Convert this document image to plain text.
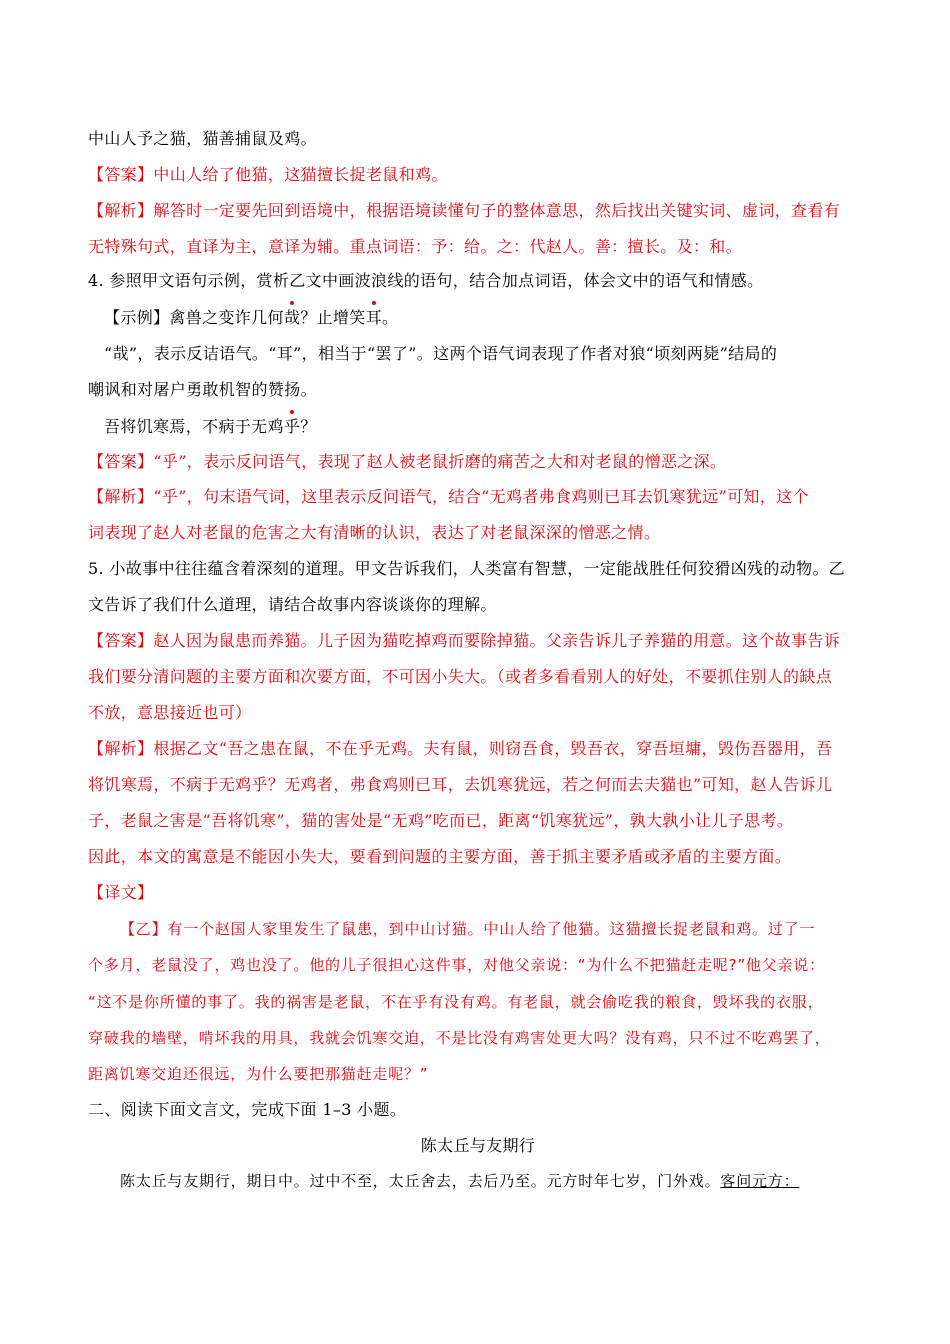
中山人予之猫，猫善捕鼠及鸡。
【答案】中山人给了他猫，这猫擅长捉老鼠和鸡。
【解析】解答时一定要先回到语境中，根据语境读懂句子的整体意思，然后找出关键实词、虚词，查看有
无特殊句式，直译为主，意译为辅。重点词语：予：给。之：代赵人。善：擅长。及：和。
4. 参照甲文语句示例，赏析乙文中画波浪线的语句，结合加点词语，体会文中的语气和情感。
【示例】禽兽之变诈几何哉？止增笑耳。
“哉”，表示反诘语气。“耳”，相当于“罢了”。这两个语气词表现了作者对狼“顷刻两毙”结局的
嘲讽和对屠户勇敢机智的赞扬。
吾将饥寒焉，不病于无鸡乎？
【答案】“乎”，表示反问语气，表现了赵人被老鼠折磨的痛苦之大和对老鼠的憎恶之深。
【解析】“乎”，句末语气词，这里表示反问语气，结合“无鸡者弗食鸡则已耳去饥寒犹远”可知，这个
词表现了赵人对老鼠的危害之大有清晰的认识，表达了对老鼠深深的憎恶之情。
5. 小故事中往往蕴含着深刻的道理。甲文告诉我们，人类富有智慧，一定能战胜任何狡猾凶残的动物。乙
文告诉了我们什么道理，请结合故事内容谈谈你的理解。
【答案】赵人因为鼠患而养猫。儿子因为猫吃掉鸡而要除掉猫。父亲告诉儿子养猫的用意。这个故事告诉
我们要分清问题的主要方面和次要方面，不可因小失大。（或者多看看别人的好处，不要抓住别人的缺点
不放，意思接近也可）
【解析】根据乙文“吾之患在鼠，不在乎无鸡。夫有鼠，则窃吾食，毁吾衣，穿吾垣墉，毁伤吾器用，吾
将饥寒焉，不病于无鸡乎？无鸡者，弗食鸡则已耳，去饥寒犹远，若之何而去夫猫也”可知，赵人告诉儿
子，老鼠之害是“吾将饥寒”，猫的害处是“无鸡”吃而已，距离“饥寒犹远”，孰大孰小让儿子思考。
因此，本文的寓意是不能因小失大，要看到问题的主要方面，善于抓主要矛盾或矛盾的主要方面。
【译文】
【乙】有一个赵国人家里发生了鼠患，到中山讨猫。中山人给了他猫。这猫擅长捉老鼠和鸡。过了一
个多月，老鼠没了，鸡也没了。他的儿子很担心这件事，对他父亲说：“为什么不把猫赶走呢?”他父亲说：
“这不是你所懂的事了。我的祸害是老鼠，不在乎有没有鸡。有老鼠，就会偷吃我的粮食，毁坏我的衣服，
穿破我的墙壁，啃坏我的用具，我就会饥寒交迫，不是比没有鸡害处更大吗？没有鸡，只不过不吃鸡罢了，
距离饥寒交迫还很远，为什么要把那猫赶走呢？”
二、阅读下面文言文，完成下面 1–3 小题。
陈太丘与友期行
陈太丘与友期行，期日中。过中不至，太丘舍去，去后乃至。元方时年七岁，门外戏。客问元方：
